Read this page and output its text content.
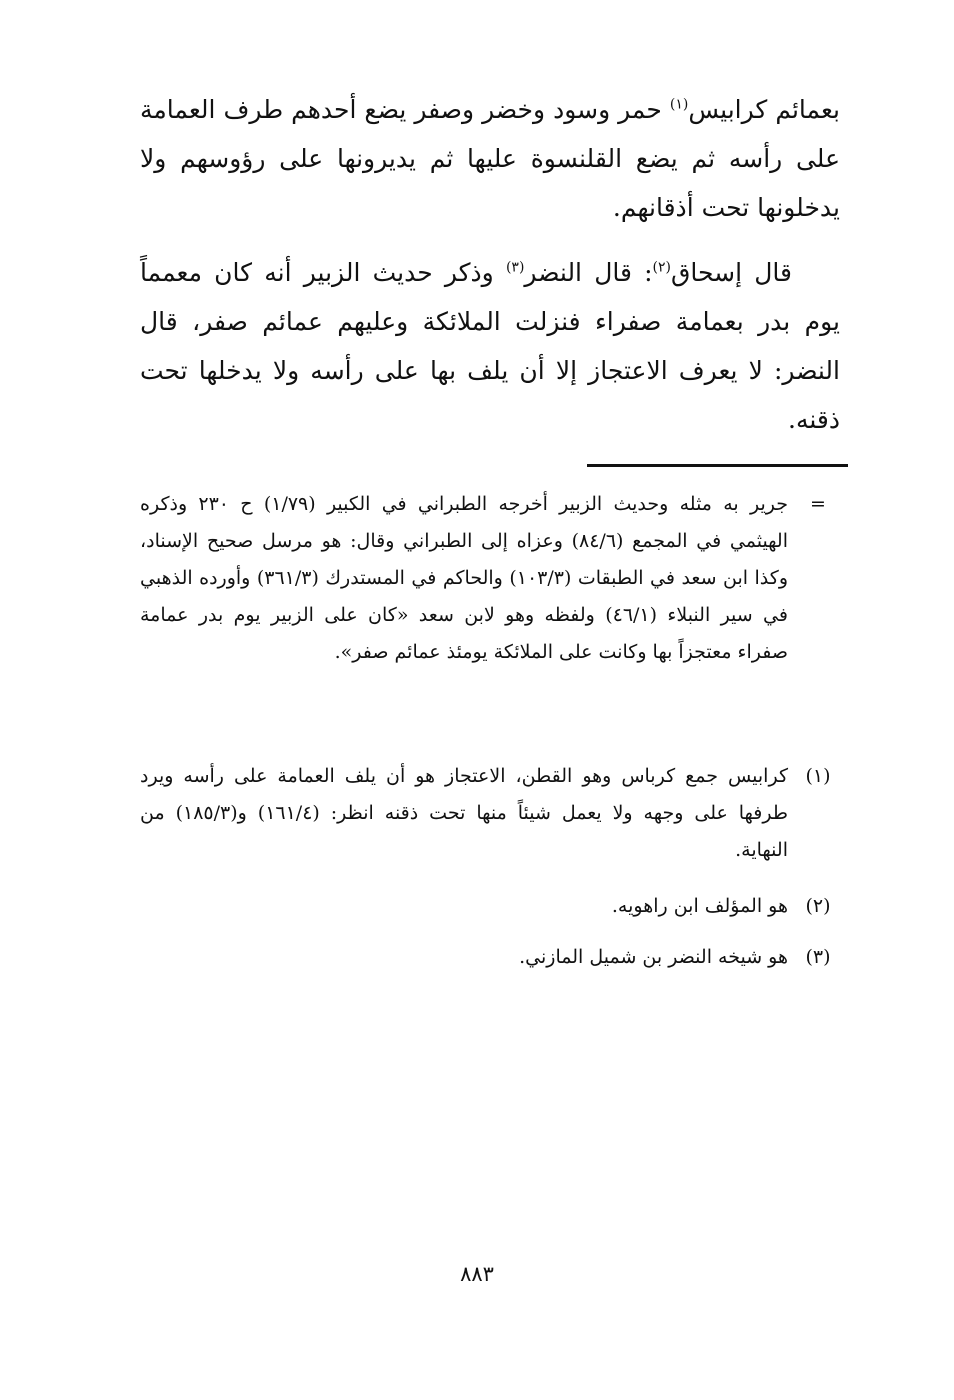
بعمائم كرابيس$^{(١)}$ حمر وسود وخضر وصفر يضع أحدهم طرف العمامة على رأسه ثم يضع القلنسوة عليها ثم يديرونها على رؤوسهم ولا يدخلونها تحت أذقانهم.

قال إسحاق$^{(٢)}$: قال النضر$^{(٣)}$ وذكر حديث الزبير أنه كان معمماً يوم بدر بعمامة صفراء فنزلت الملائكة وعليهم عمائم صفر، قال النضر: لا يعرف الاعتجاز إلا أن يلف بها على رأسه ولا يدخلها تحت ذقنه.

=
جرير به مثله وحديث الزبير أخرجه الطبراني في الكبير (١/٧٩) ح ٢٣٠ وذكره الهيثمي في المجمع (٨٤/٦) وعزاه إلى الطبراني وقال: هو مرسل صحيح الإسناد، وكذا ابن سعد في الطبقات (١٠٣/٣) والحاكم في المستدرك (٣٦١/٣) وأورده الذهبي في سير النبلاء (٤٦/١) ولفظه وهو لابن سعد «كان على الزبير يوم بدر عمامة صفراء معتجزاً بها وكانت على الملائكة يومئذ عمائم صفر».

(١)
كرابيس جمع كرباس وهو القطن، الاعتجاز هو أن يلف العمامة على رأسه ويرد طرفها على وجهه ولا يعمل شيئاً منها تحت ذقنه انظر: (١٦١/٤) و(١٨٥/٣) من النهاية.

(٢)
هو المؤلف ابن راهويه.

(٣)
هو شيخه النضر بن شميل المازني.

٨٨٣
